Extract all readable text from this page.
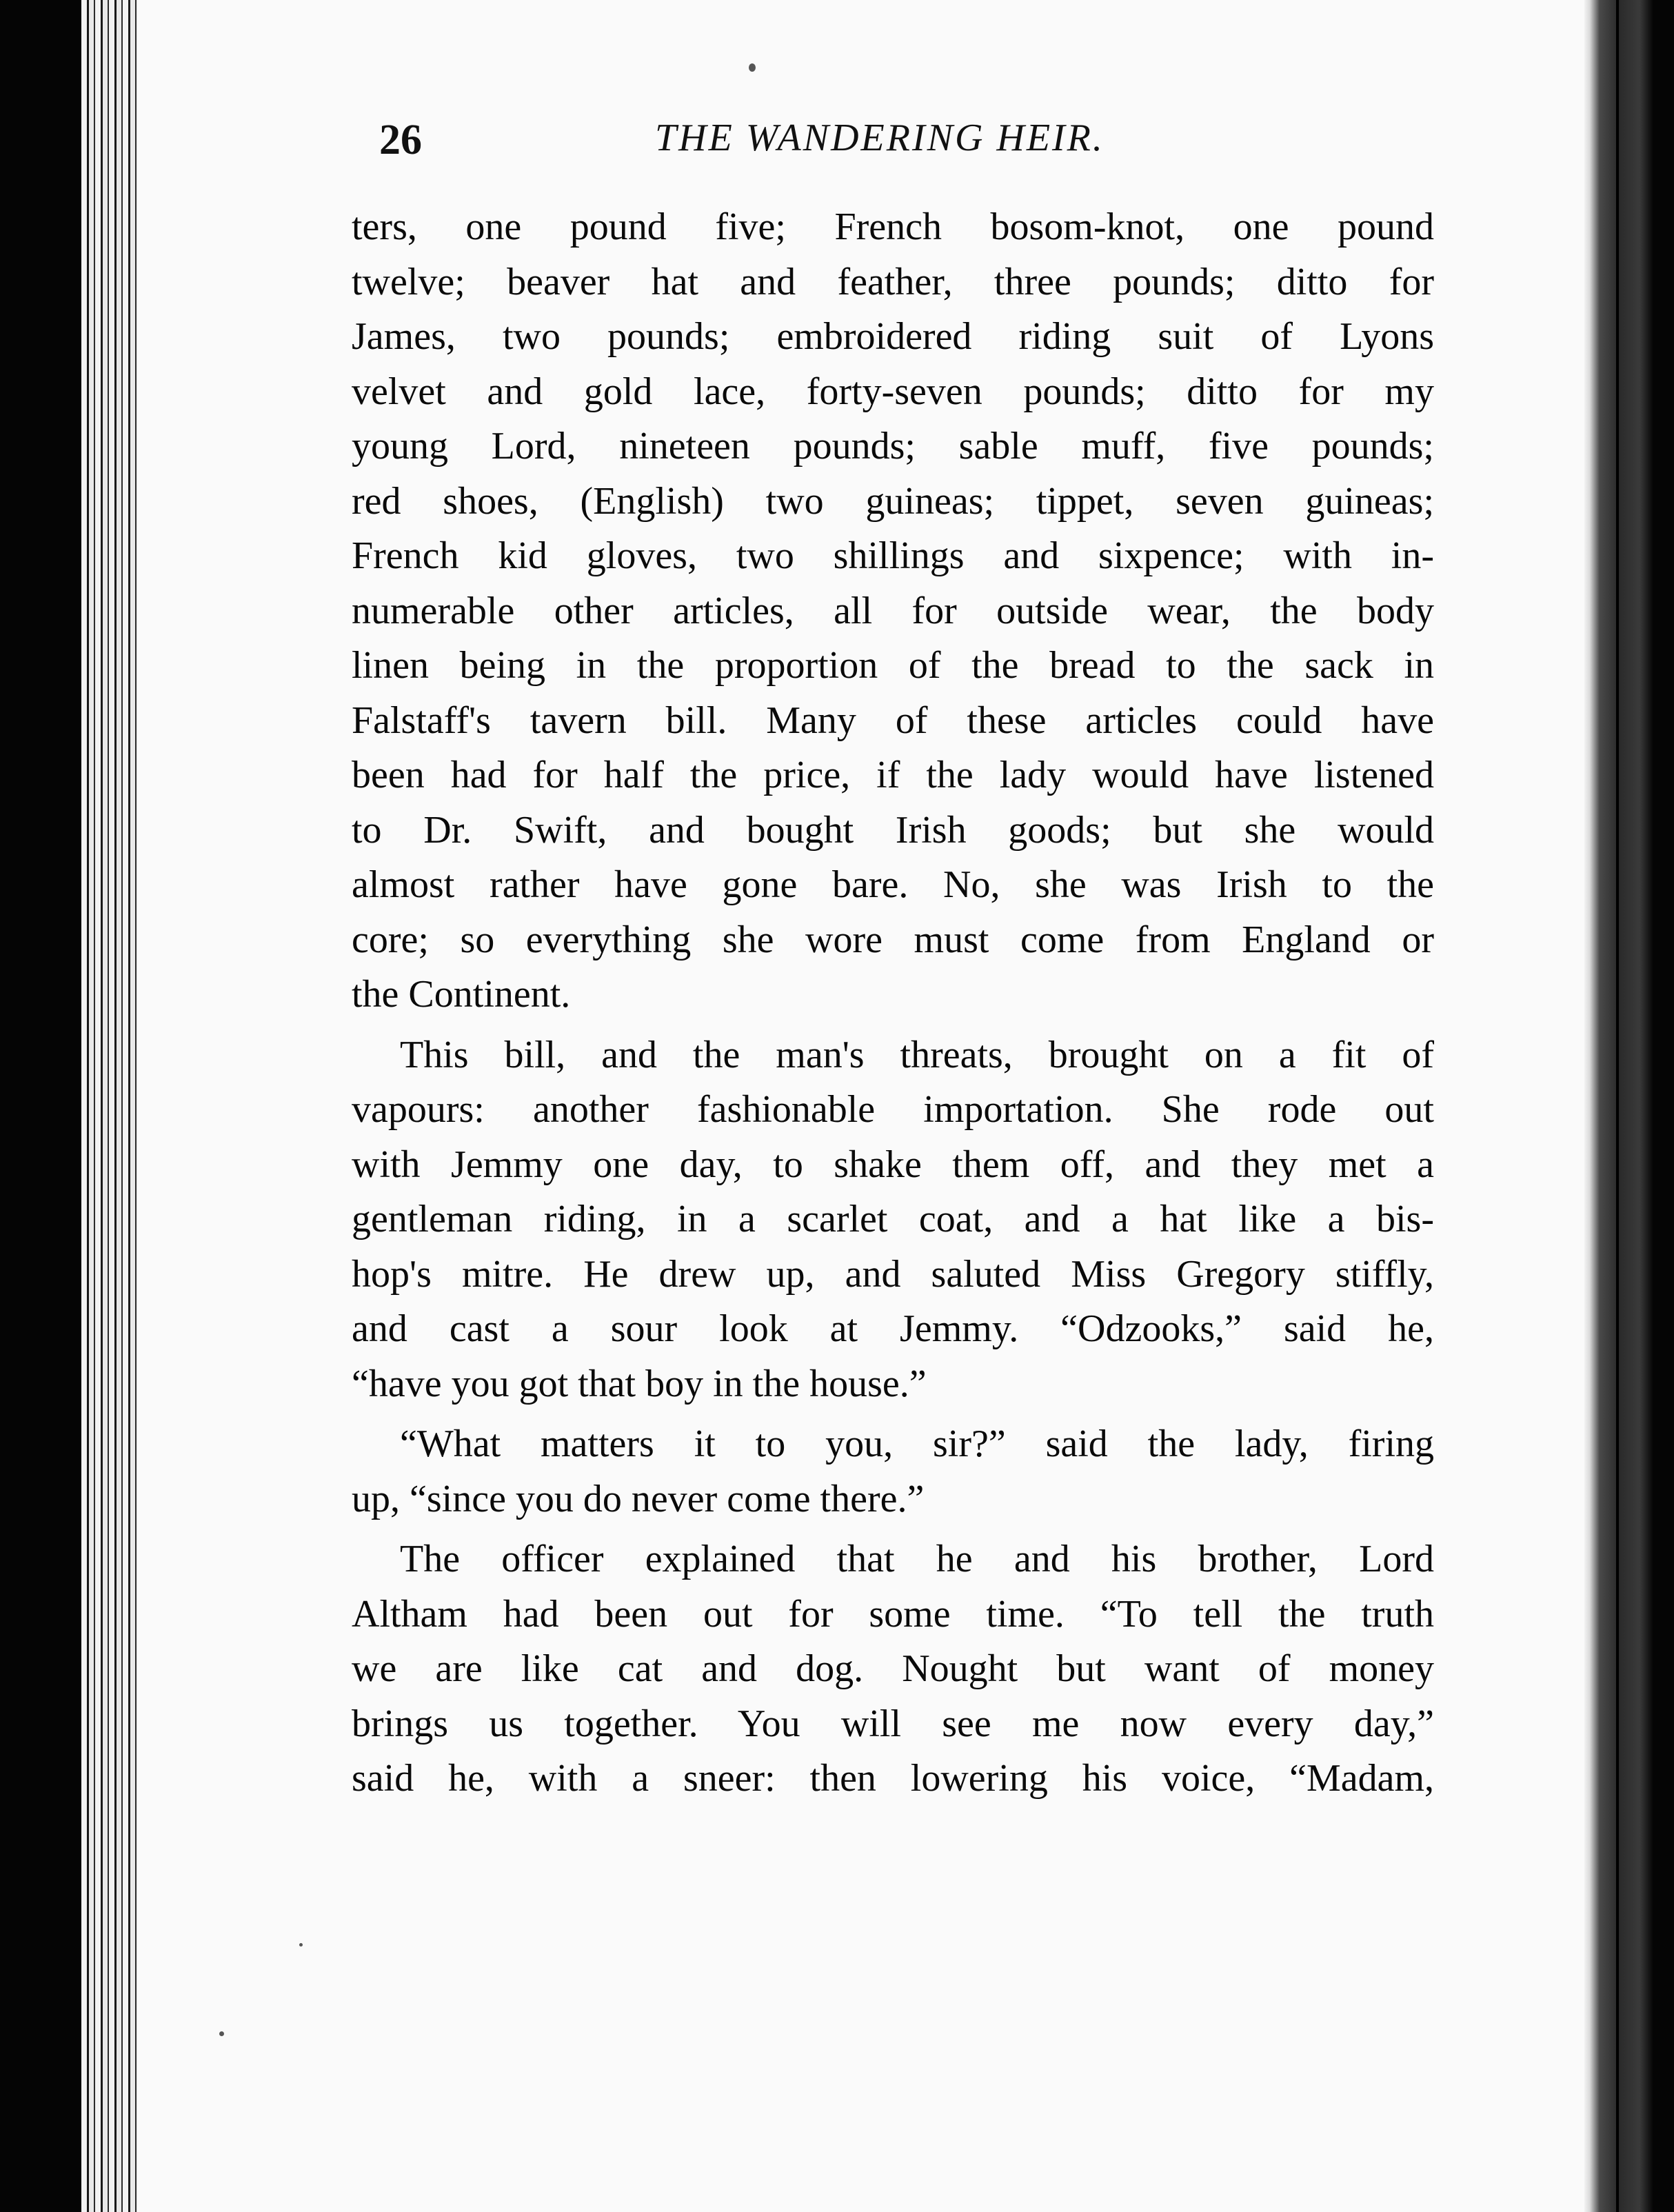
26	THE WANDERING HEIR.
ters, one pound five; French bosom-knot, one pound
twelve; beaver hat and feather, three pounds; ditto for
James, two pounds; embroidered riding suit of Lyons
velvet and gold lace, forty-seven pounds; ditto for my
young Lord, nineteen pounds; sable muff, five pounds;
red shoes, (English) two guineas; tippet, seven guineas;
French kid gloves, two shillings and sixpence; with in-
numerable other articles, all for outside wear, the body
linen being in the proportion of the bread to the sack in
Falstaff's tavern bill. Many of these articles could have
been had for half the price, if the lady would have listened
to Dr. Swift, and bought Irish goods; but she would
almost rather have gone bare. No, she was Irish to the
core; so everything she wore must come from England or
the Continent.
This bill, and the man's threats, brought on a fit of
vapours: another fashionable importation. She rode out
with Jemmy one day, to shake them off, and they met a
gentleman riding, in a scarlet coat, and a hat like a bis-
hop's mitre. He drew up, and saluted Miss Gregory stiffly,
and cast a sour look at Jemmy. “Odzooks,” said he,
“have you got that boy in the house.”
“What matters it to you, sir?” said the lady, firing
up, “since you do never come there.”
The officer explained that he and his brother, Lord
Altham had been out for some time. “To tell the truth
we are like cat and dog. Nought but want of money
brings us together. You will see me now every day,”
said he, with a sneer: then lowering his voice, “Madam,
